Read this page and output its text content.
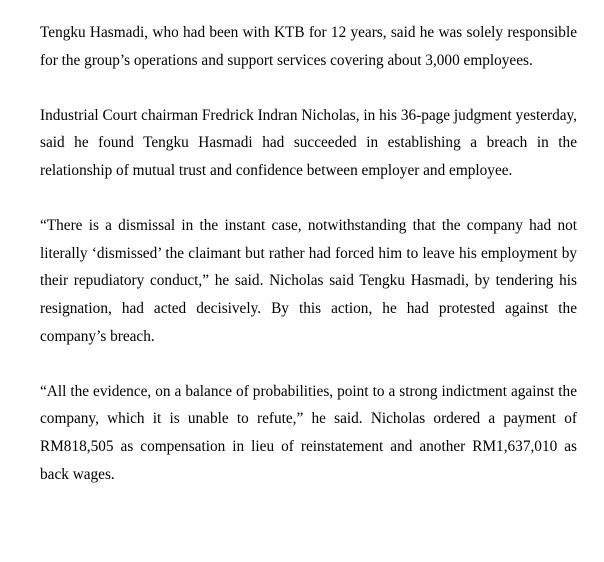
Tengku Hasmadi, who had been with KTB for 12 years, said he was solely responsible for the group’s operations and support services covering about 3,000 employees.

Industrial Court chairman Fredrick Indran Nicholas, in his 36-page judgment yesterday, said he found Tengku Hasmadi had succeeded in establishing a breach in the relationship of mutual trust and confidence between employer and employee.

“There is a dismissal in the instant case, notwithstanding that the company had not literally ‘dismissed’ the claimant but rather had forced him to leave his employment by their repudiatory conduct,” he said. Nicholas said Tengku Hasmadi, by tendering his resignation, had acted decisively. By this action, he had protested against the company’s breach.

“All the evidence, on a balance of probabilities, point to a strong indictment against the company, which it is unable to refute,” he said. Nicholas ordered a payment of RM818,505 as compensation in lieu of reinstatement and another RM1,637,010 as back wages.
